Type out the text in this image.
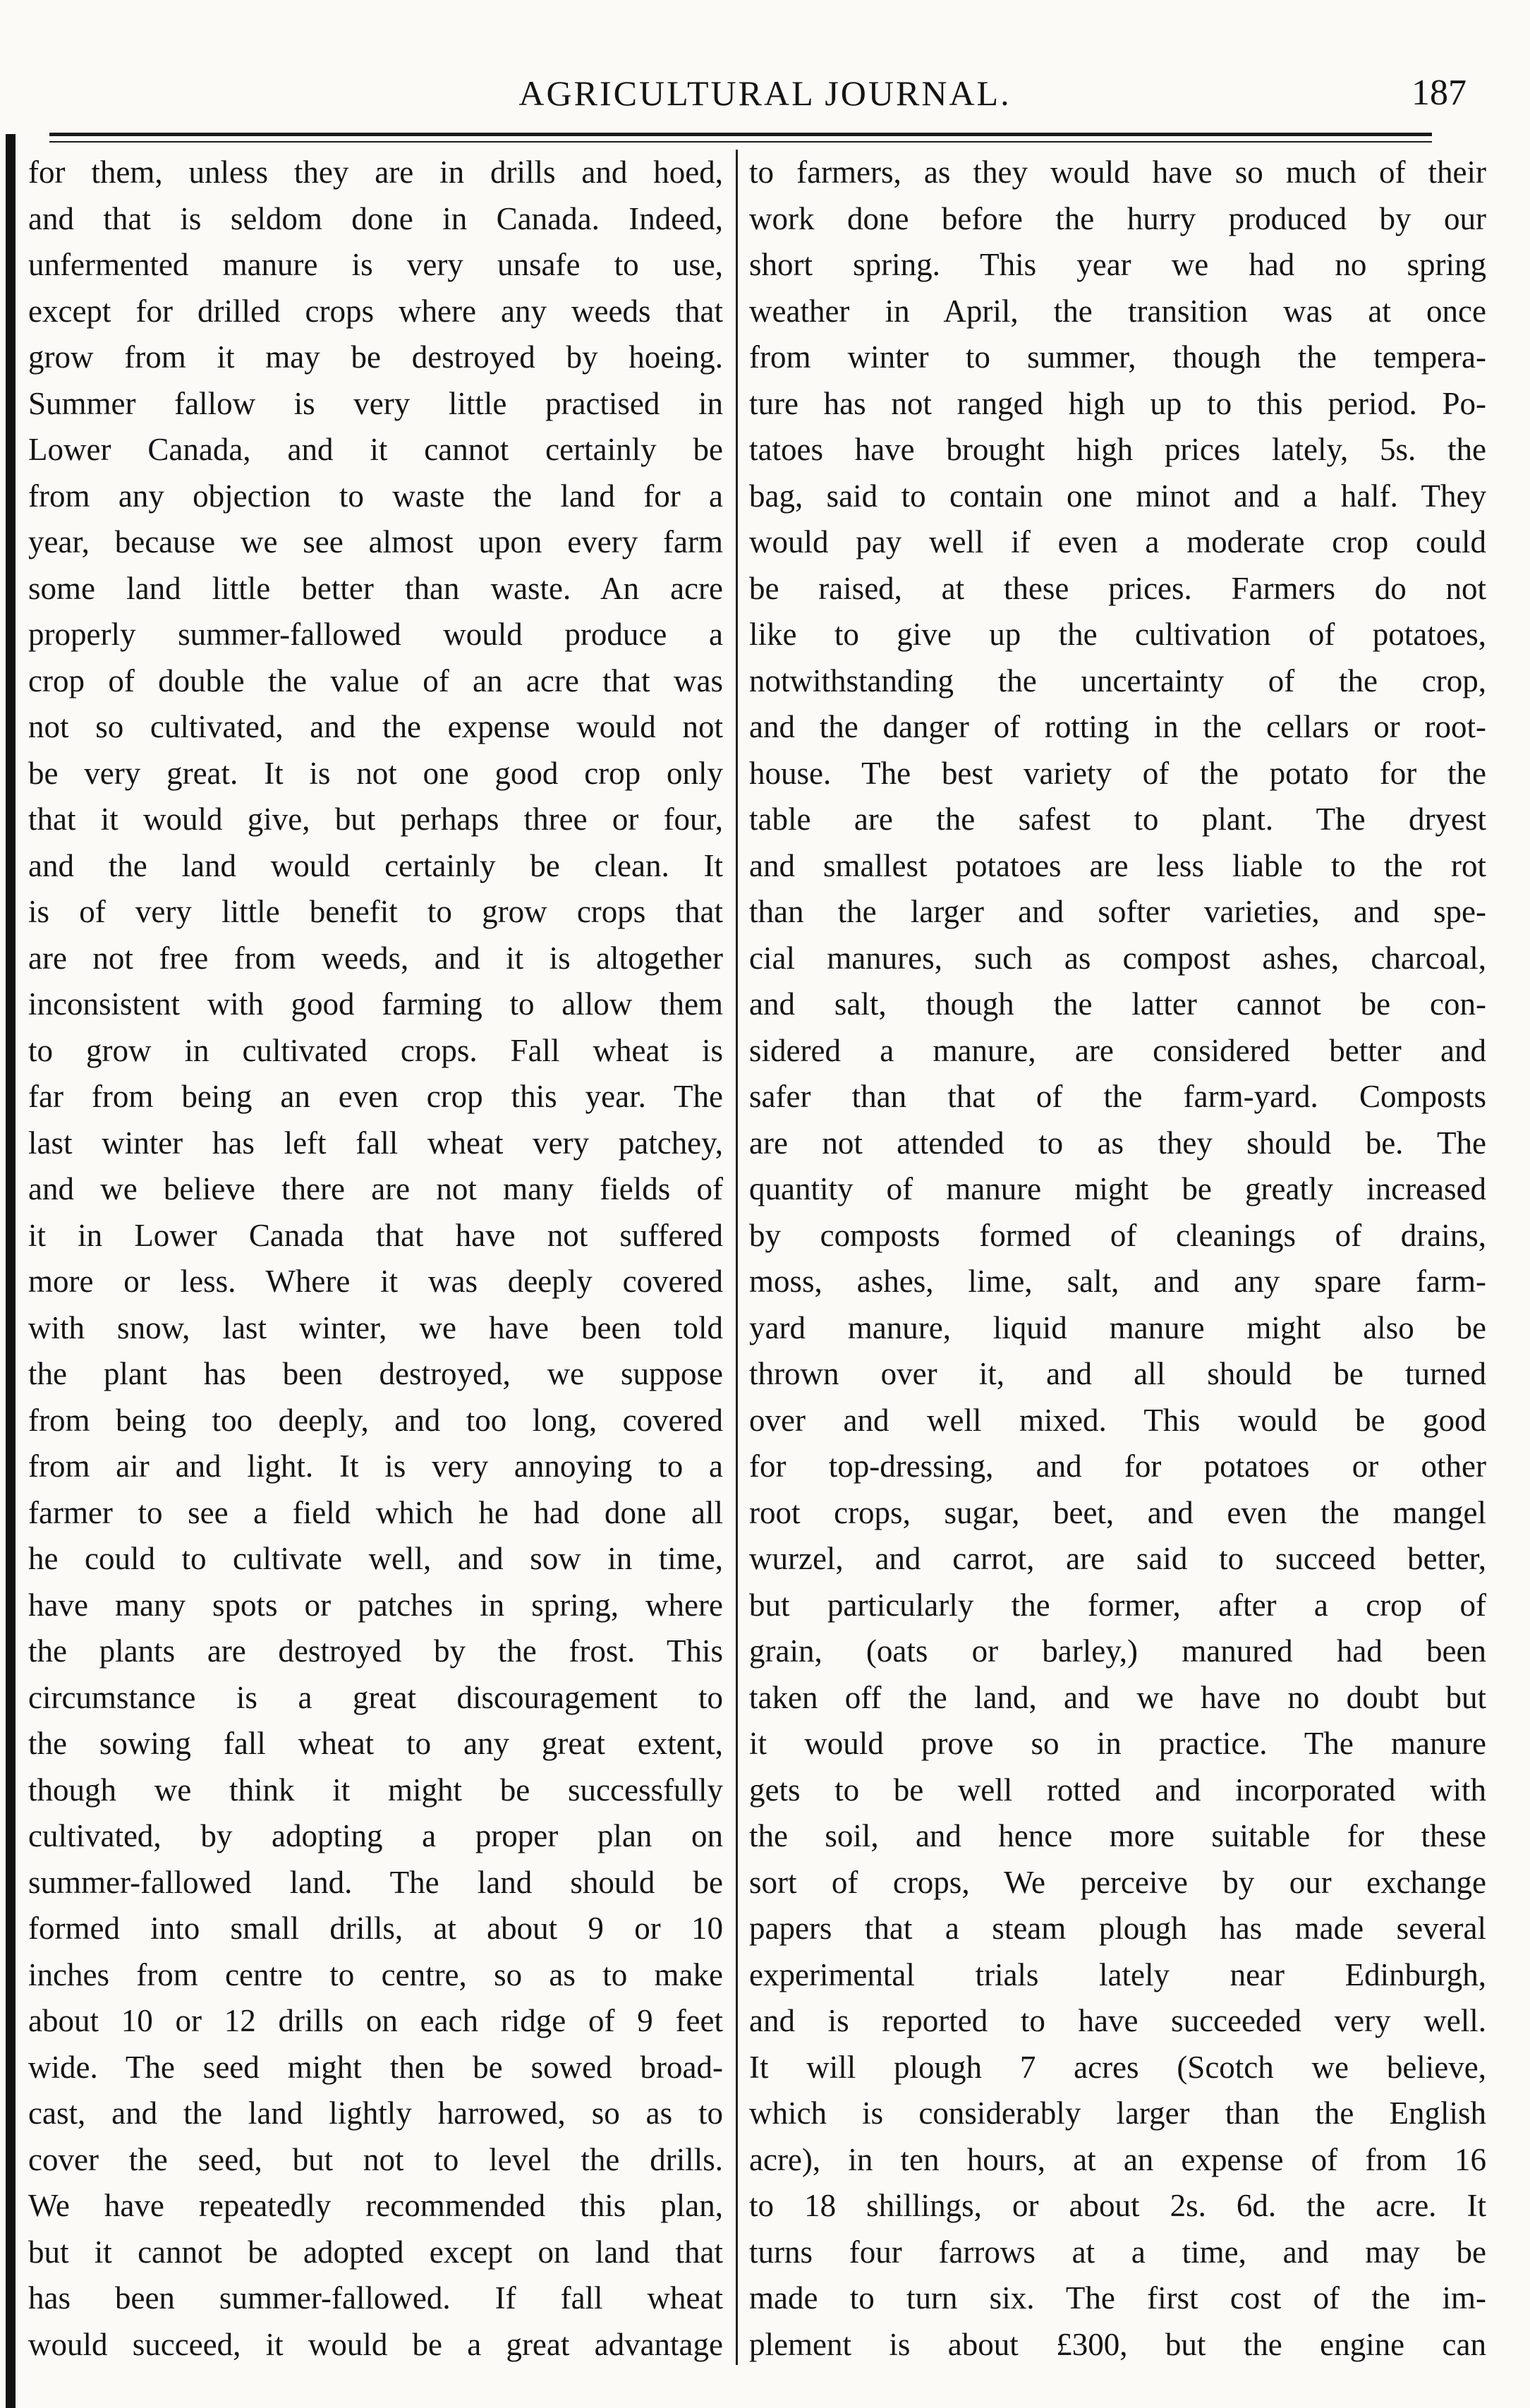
AGRICULTURAL JOURNAL.	187
for them, unless they are in drills and hoed,
and that is seldom done in Canada. Indeed,
unfermented manure is very unsafe to use,
except for drilled crops where any weeds that
grow from it may be destroyed by hoeing.
Summer fallow is very little practised in
Lower Canada, and it cannot certainly be
from any objection to waste the land for a
year, because we see almost upon every farm
some land little better than waste. An acre
properly summer-fallowed would produce a
crop of double the value of an acre that was
not so cultivated, and the expense would not
be very great. It is not one good crop only
that it would give, but perhaps three or four,
and the land would certainly be clean. It
is of very little benefit to grow crops that
are not free from weeds, and it is altogether
inconsistent with good farming to allow them
to grow in cultivated crops. Fall wheat is
far from being an even crop this year. The
last winter has left fall wheat very patchey,
and we believe there are not many fields of
it in Lower Canada that have not suffered
more or less. Where it was deeply covered
with snow, last winter, we have been told
the plant has been destroyed, we suppose
from being too deeply, and too long, covered
from air and light. It is very annoying to a
farmer to see a field which he had done all
he could to cultivate well, and sow in time,
have many spots or patches in spring, where
the plants are destroyed by the frost. This
circumstance is a great discouragement to
the sowing fall wheat to any great extent,
though we think it might be successfully
cultivated, by adopting a proper plan on
summer-fallowed land. The land should be
formed into small drills, at about 9 or 10
inches from centre to centre, so as to make
about 10 or 12 drills on each ridge of 9 feet
wide. The seed might then be sowed broad-
cast, and the land lightly harrowed, so as to
cover the seed, but not to level the drills.
We have repeatedly recommended this plan,
but it cannot be adopted except on land that
has been summer-fallowed. If fall wheat
would succeed, it would be a great advantage
to farmers, as they would have so much of their
work done before the hurry produced by our
short spring. This year we had no spring
weather in April, the transition was at once
from winter to summer, though the tempera-
ture has not ranged high up to this period. Po-
tatoes have brought high prices lately, 5s. the
bag, said to contain one minot and a half. They
would pay well if even a moderate crop could
be raised, at these prices. Farmers do not
like to give up the cultivation of potatoes,
notwithstanding the uncertainty of the crop,
and the danger of rotting in the cellars or root-
house. The best variety of the potato for the
table are the safest to plant. The dryest
and smallest potatoes are less liable to the rot
than the larger and softer varieties, and spe-
cial manures, such as compost ashes, charcoal,
and salt, though the latter cannot be con-
sidered a manure, are considered better and
safer than that of the farm-yard. Composts
are not attended to as they should be. The
quantity of manure might be greatly increased
by composts formed of cleanings of drains,
moss, ashes, lime, salt, and any spare farm-
yard manure, liquid manure might also be
thrown over it, and all should be turned
over and well mixed. This would be good
for top-dressing, and for potatoes or other
root crops, sugar, beet, and even the mangel
wurzel, and carrot, are said to succeed better,
but particularly the former, after a crop of
grain, (oats or barley,) manured had been
taken off the land, and we have no doubt but
it would prove so in practice. The manure
gets to be well rotted and incorporated with
the soil, and hence more suitable for these
sort of crops, We perceive by our exchange
papers that a steam plough has made several
experimental trials lately near Edinburgh,
and is reported to have succeeded very well.
It will plough 7 acres (Scotch we believe,
which is considerably larger than the English
acre), in ten hours, at an expense of from 16
to 18 shillings, or about 2s. 6d. the acre. It
turns four farrows at a time, and may be
made to turn six. The first cost of the im-
plement is about £300, but the engine can
